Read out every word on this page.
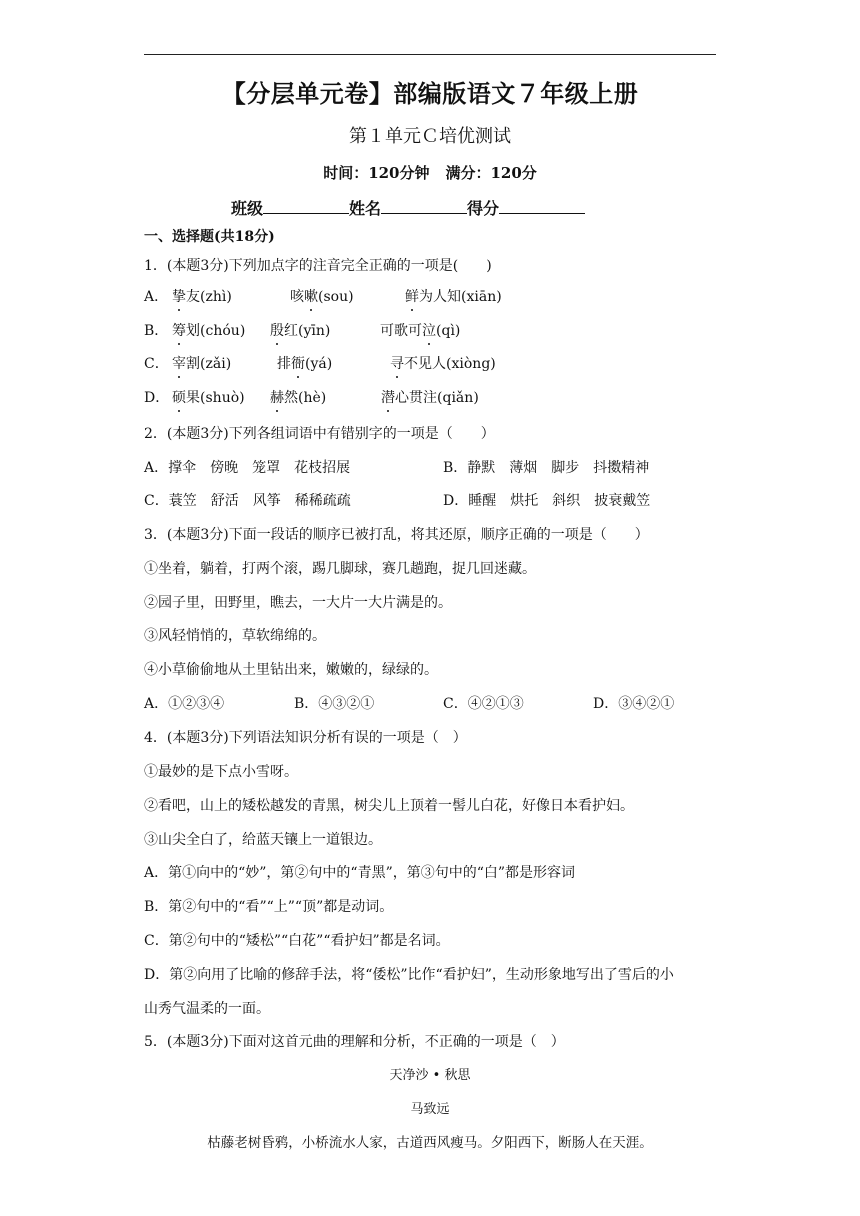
【分层单元卷】部编版语文７年级上册
第１单元Ｃ培优测试
时间：120分钟 满分：120分
班级	姓名	得分
一、选择题(共18分)
1．(本题3分)下列加点字的注音完全正确的一项是(　　)
A． 挚友(zhì)	咳嗽(sou)	鲜为人知(xiān)
B． 筹划(chóu) 殷红(yīn)	可歌可泣(qì)
C． 宰割(zǎi)	排衙(yá)	寻不见人(xiòng)
D． 硕果(shuò) 赫然(hè)	潜心贯注(qiǎn)
2．(本题3分)下列各组词语中有错别字的一项是（　　）
A．撑伞　傍晚　笼罩　花枝招展	B．静默　薄烟　脚步　抖擞精神
C．蓑笠　舒活　风筝　稀稀疏疏	D．睡醒　烘托　斜织　披衰戴笠
3．(本题3分)下面一段话的顺序已被打乱，将其还原，顺序正确的一项是（　　）
①坐着，躺着，打两个滚，踢几脚球，赛几趟跑，捉几回迷藏。
②园子里，田野里，瞧去，一大片一大片满是的。
③风轻悄悄的，草软绵绵的。
④小草偷偷地从土里钻出来，嫩嫩的，绿绿的。
A．①②③④	B．④③②①	C．④②①③	D．③④②①
4．(本题3分)下列语法知识分析有误的一项是（　）
①最妙的是下点小雪呀。
②看吧，山上的矮松越发的青黑，树尖儿上顶着一髻儿白花，好像日本看护妇。
③山尖全白了，给蓝天镶上一道银边。
A．第①向中的“妙”，第②句中的“青黑”，第③句中的“白”都是形容词
B．第②句中的“看”“上”“顶”都是动词。
C．第②句中的“矮松”“白花”“看护妇”都是名词。
D．第②向用了比喻的修辞手法，将“倭松”比作“看护妇”，生动形象地写出了雪后的小
山秀气温柔的一面。
5．(本题3分)下面对这首元曲的理解和分析，不正确的一项是（　）
天净沙 • 秋思
马致远
枯藤老树昏鸦，小桥流水人家，古道西风瘦马。夕阳西下，断肠人在天涯。
